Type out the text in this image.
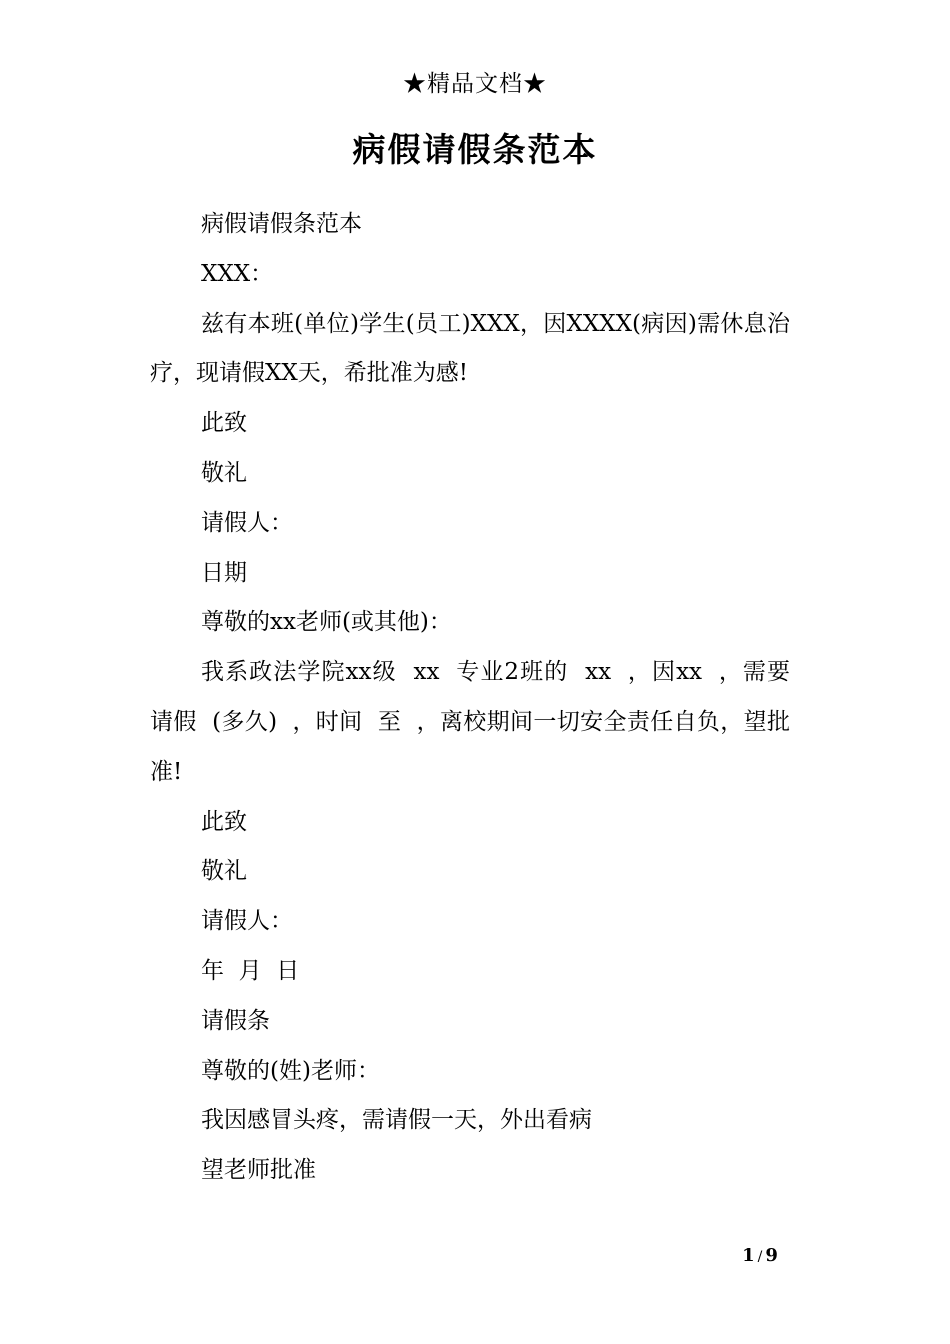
★精品文档★
病假请假条范本

病假请假条范本

XXX：

兹有本班(单位)学生(员工)XXX，因XXXX(病因)需休息治疗，现请假XX天，希批准为感!

此致

敬礼

请假人：

日期

尊敬的xx老师(或其他)：

我系政法学院xx级  xx  专业2班的  xx  ，因xx  ，需要  请假  (多久)  ，时间  至  ，离校期间一切安全责任自负，望批准!

此致

敬礼

请假人：

年  月  日

请假条

尊敬的(姓)老师：

我因感冒头疼，需请假一天，外出看病

望老师批准

1 / 9
